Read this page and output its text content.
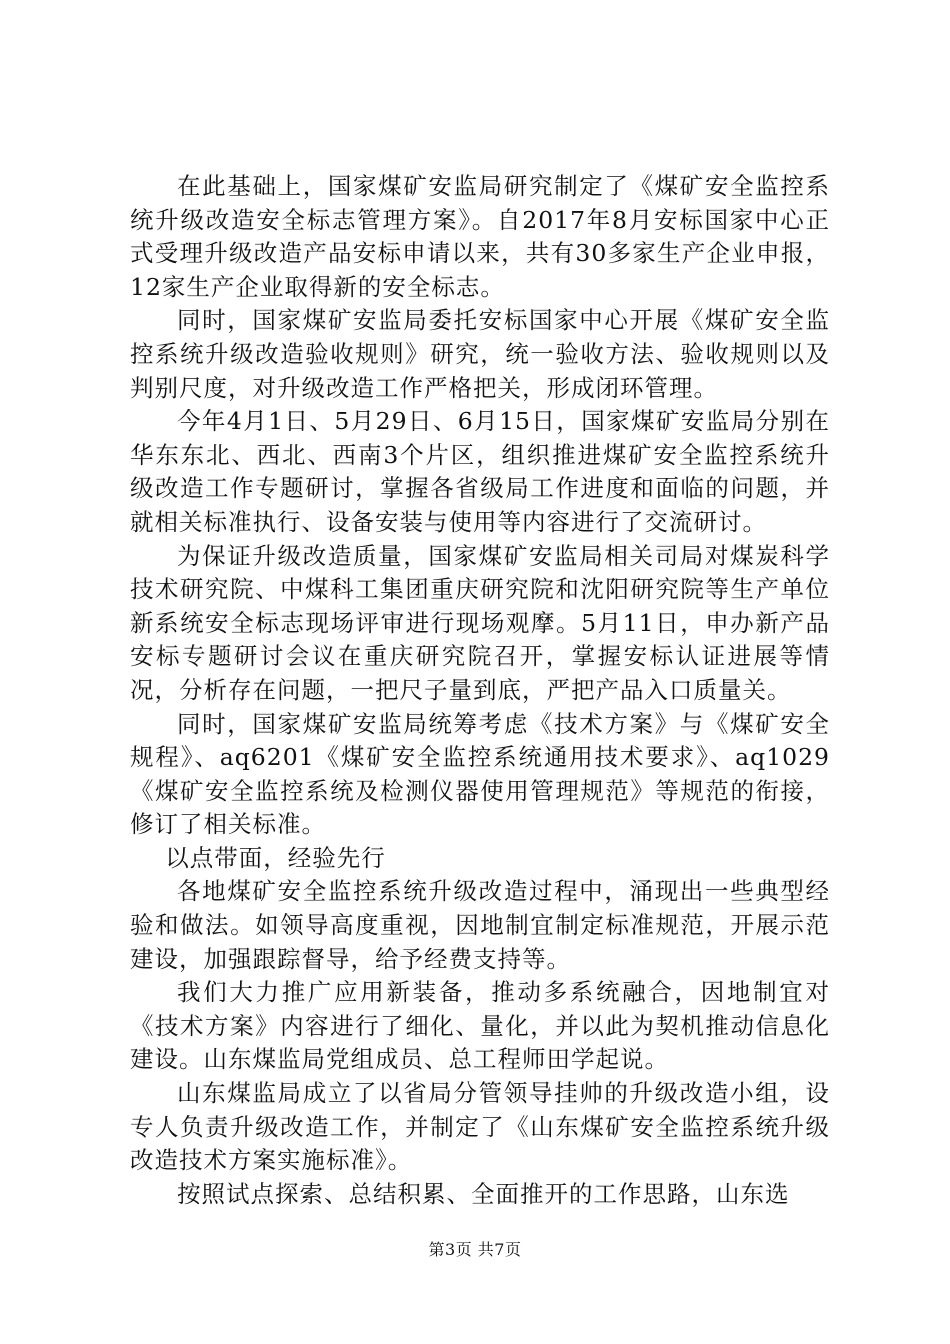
在此基础上，国家煤矿安监局研究制定了《煤矿安全监控系统升级改造安全标志管理方案》。自2017年8月安标国家中心正式受理升级改造产品安标申请以来，共有30多家生产企业申报，12家生产企业取得新的安全标志。

同时，国家煤矿安监局委托安标国家中心开展《煤矿安全监控系统升级改造验收规则》研究，统一验收方法、验收规则以及判别尺度，对升级改造工作严格把关，形成闭环管理。

今年4月1日、5月29日、6月15日，国家煤矿安监局分别在华东东北、西北、西南3个片区，组织推进煤矿安全监控系统升级改造工作专题研讨，掌握各省级局工作进度和面临的问题，并就相关标准执行、设备安装与使用等内容进行了交流研讨。

为保证升级改造质量，国家煤矿安监局相关司局对煤炭科学技术研究院、中煤科工集团重庆研究院和沈阳研究院等生产单位新系统安全标志现场评审进行现场观摩。5月11日，申办新产品安标专题研讨会议在重庆研究院召开，掌握安标认证进展等情况，分析存在问题，一把尺子量到底，严把产品入口质量关。

同时，国家煤矿安监局统筹考虑《技术方案》与《煤矿安全规程》、aq6201《煤矿安全监控系统通用技术要求》、aq1029《煤矿安全监控系统及检测仪器使用管理规范》等规范的衔接，修订了相关标准。

以点带面，经验先行

各地煤矿安全监控系统升级改造过程中，涌现出一些典型经验和做法。如领导高度重视，因地制宜制定标准规范，开展示范建设，加强跟踪督导，给予经费支持等。

我们大力推广应用新装备，推动多系统融合，因地制宜对《技术方案》内容进行了细化、量化，并以此为契机推动信息化建设。山东煤监局党组成员、总工程师田学起说。

山东煤监局成立了以省局分管领导挂帅的升级改造小组，设专人负责升级改造工作，并制定了《山东煤矿安全监控系统升级改造技术方案实施标准》。

按照试点探索、总结积累、全面推开的工作思路，山东选

第3页 共7页
